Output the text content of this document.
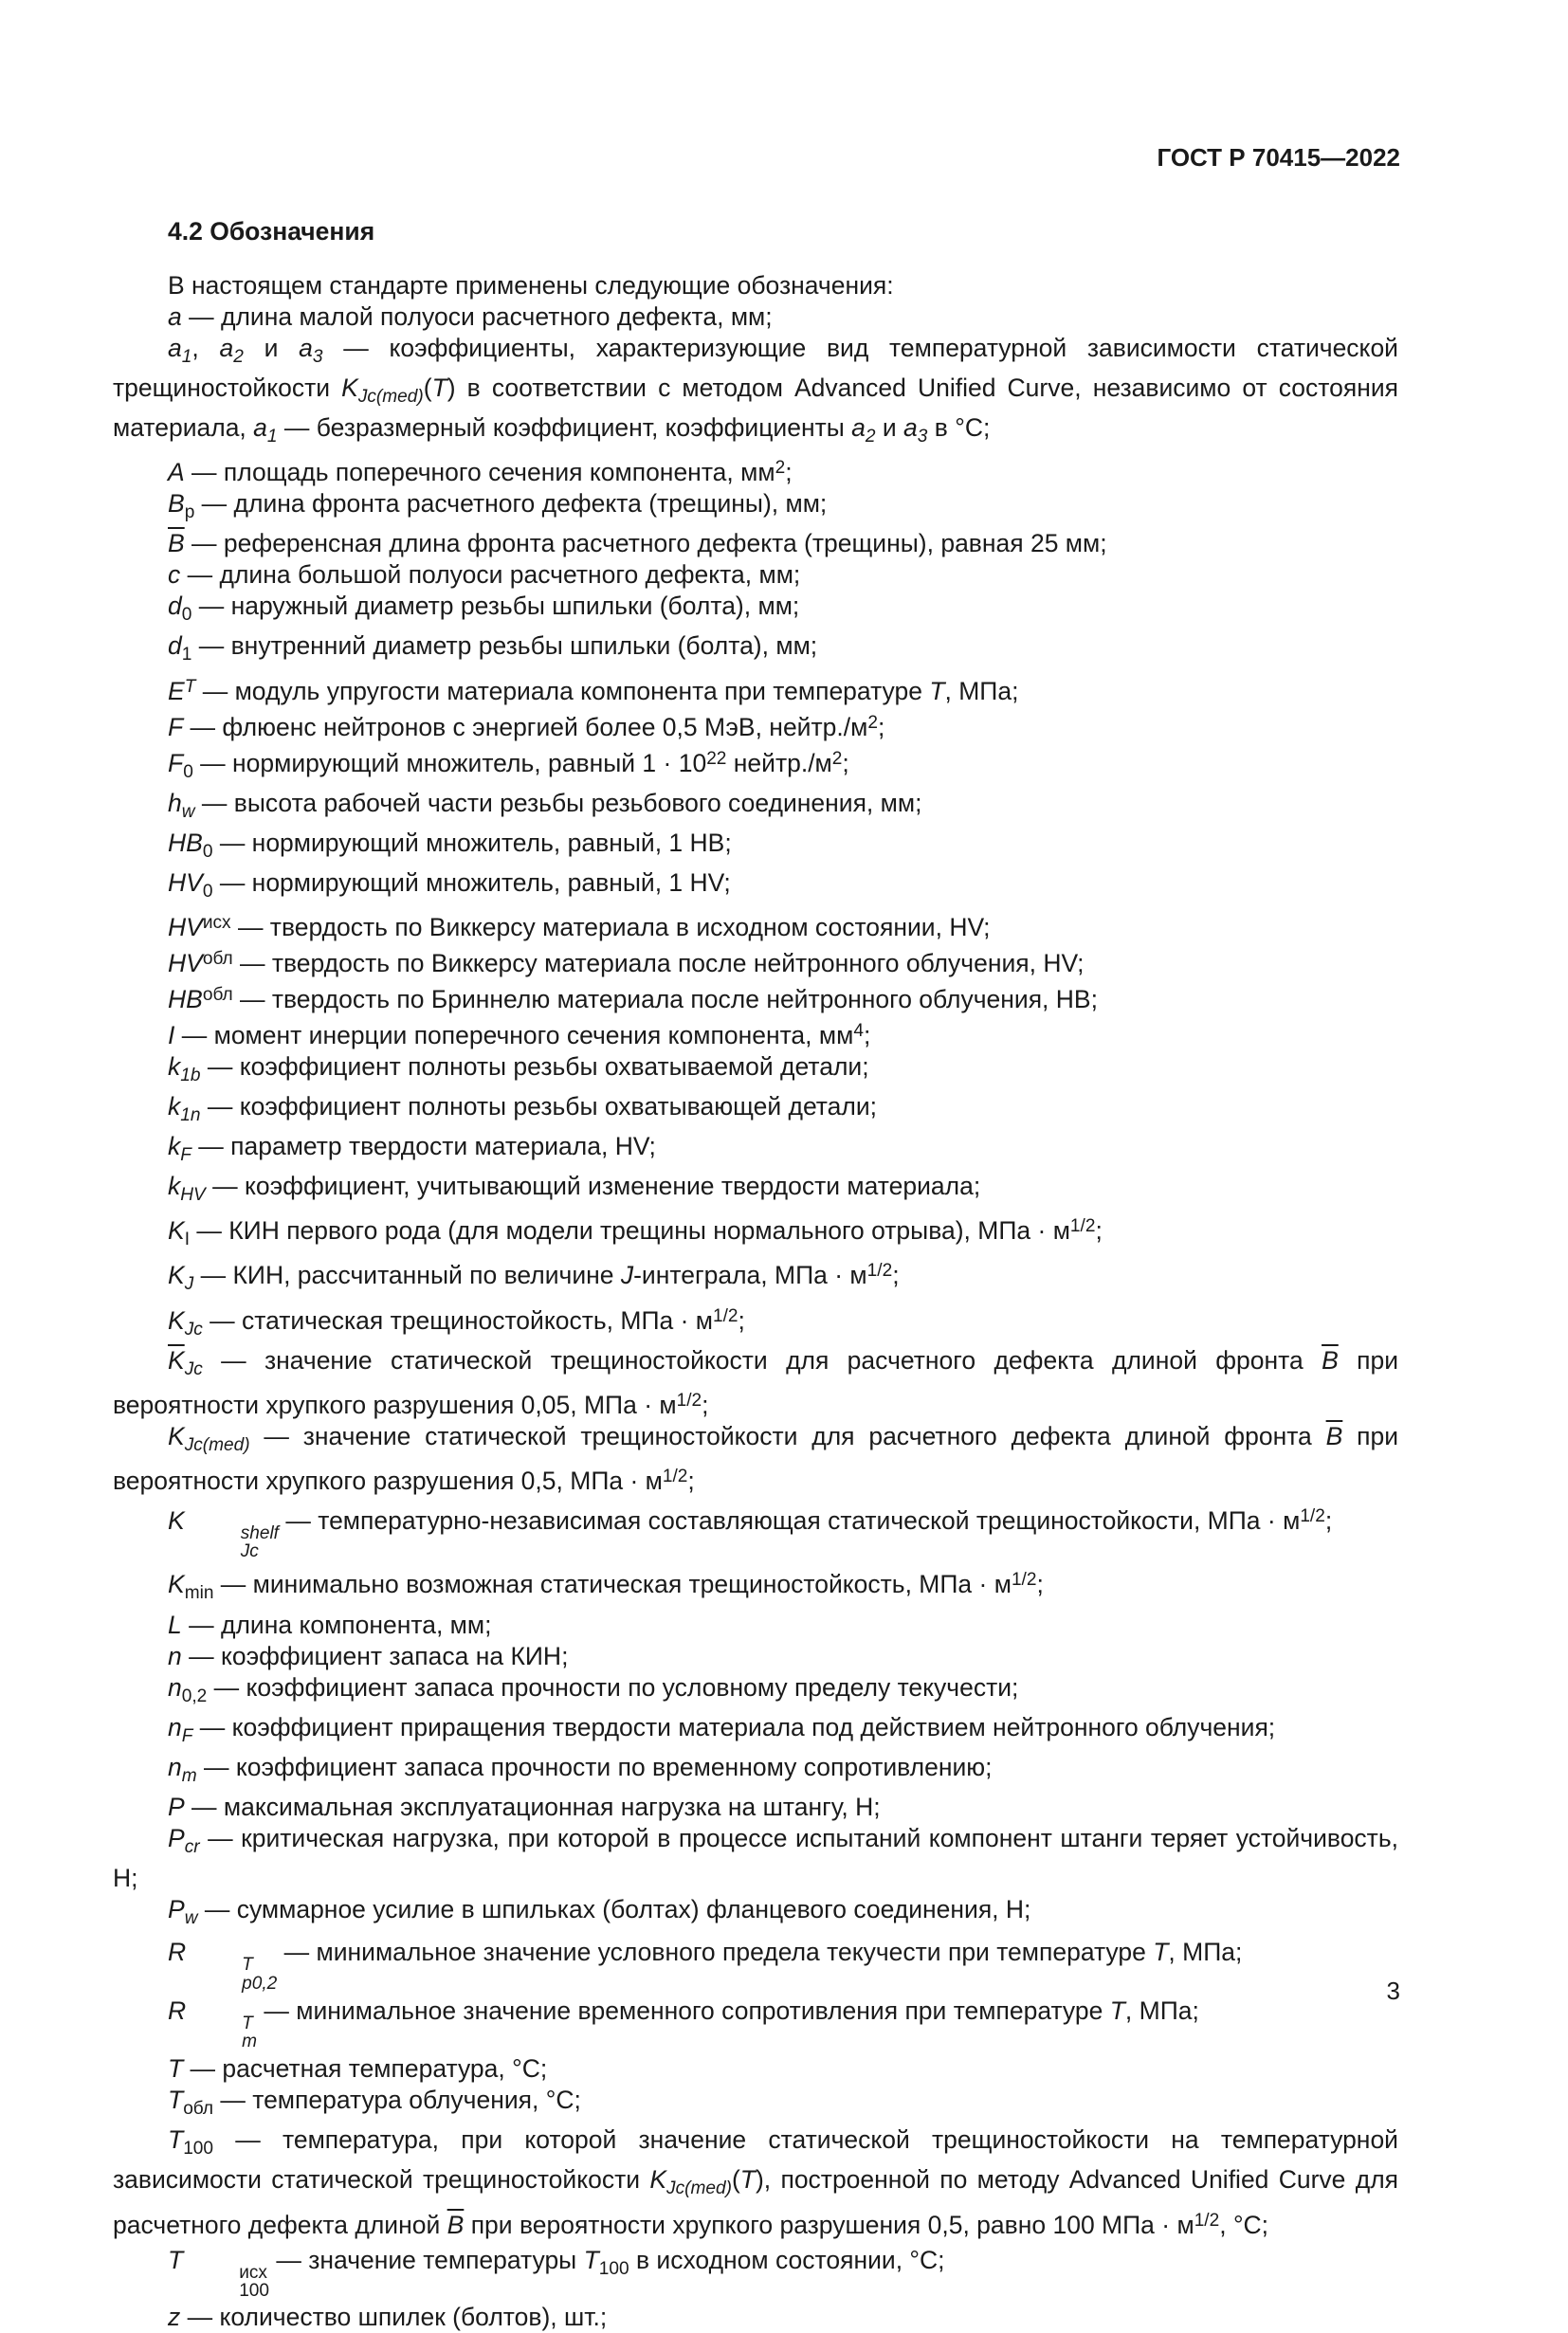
ГОСТ Р 70415—2022
4.2 Обозначения

В настоящем стандарте применены следующие обозначения:

a — длина малой полуоси расчетного дефекта, мм;

$a_1$, $a_2$ и $a_3$ — коэффициенты, характеризующие вид температурной зависимости статической трещиностойкости $K_{Jc(med)}(T)$ в соответствии с методом Advanced Unified Curve, независимо от состояния материала, $a_1$ — безразмерный коэффициент, коэффициенты $a_2$ и $a_3$ в °C;

A — площадь поперечного сечения компонента, $мм^2$;

$B_p$ — длина фронта расчетного дефекта (трещины), мм;

$\overline{B}$ — референсная длина фронта расчетного дефекта (трещины), равная 25 мм;

c — длина большой полуоси расчетного дефекта, мм;

$d_0$ — наружный диаметр резьбы шпильки (болта), мм;

$d_1$ — внутренний диаметр резьбы шпильки (болта), мм;

$E^T$ — модуль упругости материала компонента при температуре T, МПа;

F — флюенс нейтронов с энергией более 0,5 МэВ, $нейтр./м^2$;

$F_0$ — нормирующий множитель, равный $1 \cdot 10^{22}$ $нейтр./м^2$;

$h_w$ — высота рабочей части резьбы резьбового соединения, мм;

$HB_0$ — нормирующий множитель, равный, 1 НВ;

$HV_0$ — нормирующий множитель, равный, 1 НV;

$HV^{исх}$ — твердость по Виккерсу материала в исходном состоянии, НV;

$HV^{обл}$ — твердость по Виккерсу материала после нейтронного облучения, НV;

$HB^{обл}$ — твердость по Бриннелю материала после нейтронного облучения, НВ;

I — момент инерции поперечного сечения компонента, $мм^4$;

$k_{1b}$ — коэффициент полноты резьбы охватываемой детали;

$k_{1n}$ — коэффициент полноты резьбы охватывающей детали;

$k_F$ — параметр твердости материала, НV;

$k_{HV}$ — коэффициент, учитывающий изменение твердости материала;

$K_I$ — КИН первого рода (для модели трещины нормального отрыва), МПа · $м^{1/2}$;

$K_J$ — КИН, рассчитанный по величине J-интеграла, МПа · $м^{1/2}$;

$K_{Jc}$ — статическая трещиностойкость, МПа · $м^{1/2}$;

$\overline{K}_{Jc}$ — значение статической трещиностойкости для расчетного дефекта длиной фронта $\overline{B}$ при вероятности хрупкого разрушения 0,05, МПа · $м^{1/2}$;

$K_{Jc(med)}$ — значение статической трещиностойкости для расчетного дефекта длиной фронта $\overline{B}$ при вероятности хрупкого разрушения 0,5, МПа · $м^{1/2}$;

K	shelf
Jc
— температурно-независимая составляющая статической трещиностойкости, МПа · $м^{1/2}$;

$K_{min}$ — минимально возможная статическая трещиностойкость, МПа · $м^{1/2}$;

L — длина компонента, мм;

n — коэффициент запаса на КИН;

$n_{0,2}$ — коэффициент запаса прочности по условному пределу текучести;

$n_F$ — коэффициент приращения твердости материала под действием нейтронного облучения;

$n_m$ — коэффициент запаса прочности по временному сопротивлению;

P — максимальная эксплуатационная нагрузка на штангу, Н;

$P_{cr}$ — критическая нагрузка, при которой в процессе испытаний компонент штанги теряет устойчивость, Н;

$P_w$ — суммарное усилие в шпильках (болтах) фланцевого соединения, Н;

R	T
p0,2
— минимальное значение условного предела текучести при температуре T, МПа;

R	T
m
— минимальное значение временного сопротивления при температуре T, МПа;

T — расчетная температура, °C;

$T_{обл}$ — температура облучения, °C;

$T_{100}$ — температура, при которой значение статической трещиностойкости на температурной зависимости статической трещиностойкости $K_{Jc(med)}(T)$, построенной по методу Advanced Unified Curve для расчетного дефекта длиной $\overline{B}$ при вероятности хрупкого разрушения 0,5, равно 100 МПа · $м^{1/2}$, °C;

T	исх
100
— значение температуры $T_{100}$ в исходном состоянии, °C;

z — количество шпилек (болтов), шт.;

3
